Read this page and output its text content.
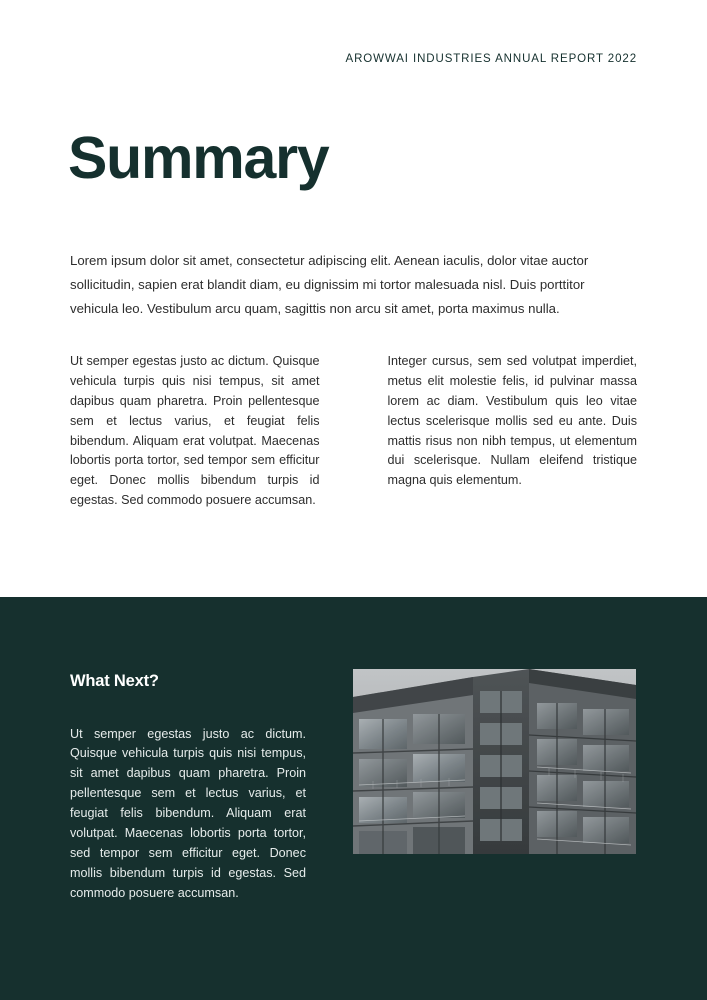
AROWWAI INDUSTRIES ANNUAL REPORT 2022
Summary

Lorem ipsum dolor sit amet, consectetur adipiscing elit. Aenean iaculis, dolor vitae auctor sollicitudin, sapien erat blandit diam, eu dignissim mi tortor malesuada nisl. Duis porttitor vehicula leo. Vestibulum arcu quam, sagittis non arcu sit amet, porta maximus nulla.

Ut semper egestas justo ac dictum. Quisque vehicula turpis quis nisi tempus, sit amet dapibus quam pharetra. Proin pellentesque sem et lectus varius, et feugiat felis bibendum. Aliquam erat volutpat. Maecenas lobortis porta tortor, sed tempor sem efficitur eget. Donec mollis bibendum turpis id egestas. Sed commodo posuere accumsan.
Integer cursus, sem sed volutpat imperdiet, metus elit molestie felis, id pulvinar massa lorem ac diam. Vestibulum quis leo vitae lectus scelerisque mollis sed eu ante. Duis mattis risus non nibh tempus, ut elementum dui scelerisque. Nullam eleifend tristique magna quis elementum.
What Next?

Ut semper egestas justo ac dictum. Quisque vehicula turpis quis nisi tempus, sit amet dapibus quam pharetra. Proin pellentesque sem et lectus varius, et feugiat felis bibendum. Aliquam erat volutpat. Maecenas lobortis porta tortor, sed tempor sem efficitur eget. Donec mollis bibendum turpis id egestas. Sed commodo posuere accumsan.
